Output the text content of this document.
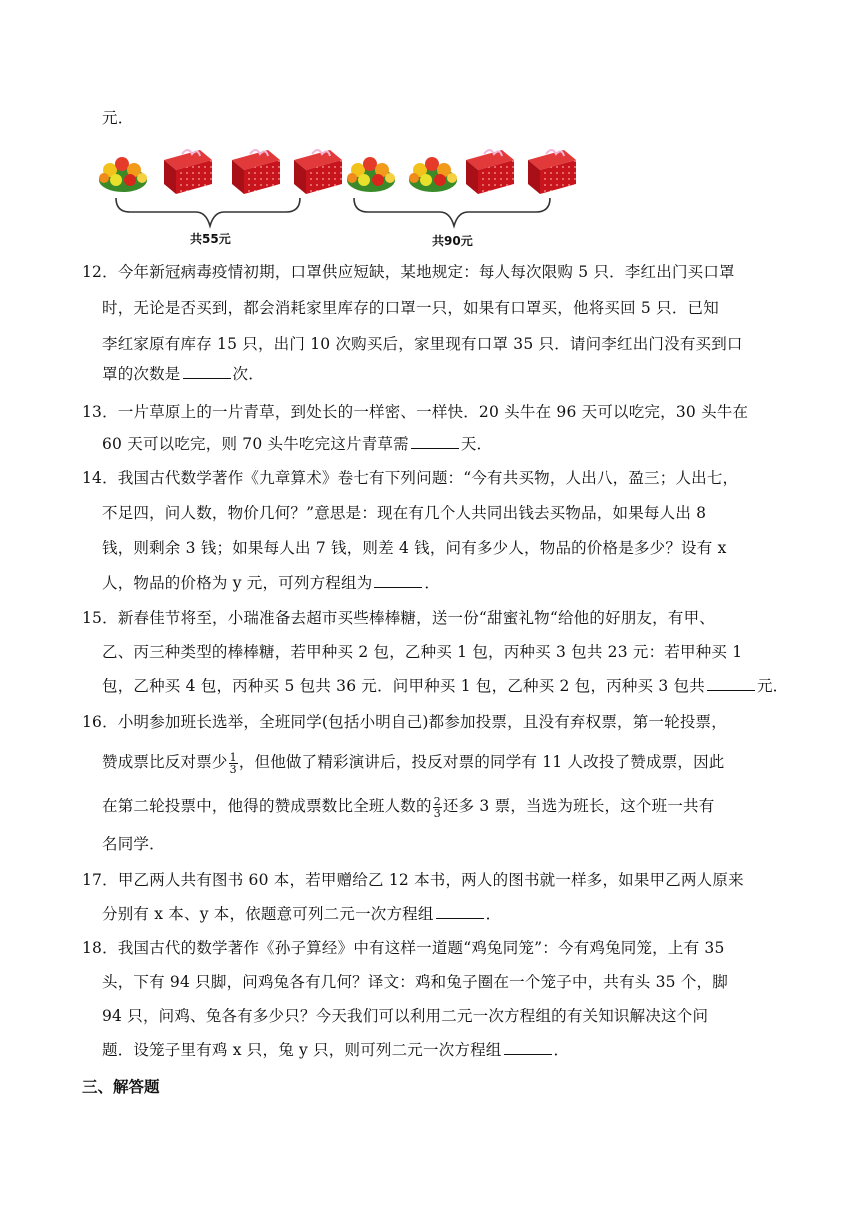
元．
共55元	共90元
12．今年新冠病毒疫情初期，口罩供应短缺，某地规定：每人每次限购 5 只．李红出门买口罩
时，无论是否买到，都会消耗家里库存的口罩一只，如果有口罩买，他将买回 5 只．已知
李红家原有库存 15 只，出门 10 次购买后，家里现有口罩 35 只．请问李红出门没有买到口
罩的次数是	次．
13．一片草原上的一片青草，到处长的一样密、一样快．20 头牛在 96 天可以吃完，30 头牛在
60 天可以吃完，则 70 头牛吃完这片青草需	天．
14．我国古代数学著作《九章算术》卷七有下列问题：“今有共买物，人出八，盈三；人出七，
不足四，问人数，物价几何？”意思是：现在有几个人共同出钱去买物品，如果每人出 8
钱，则剩余 3 钱；如果每人出 7 钱，则差 4 钱，问有多少人，物品的价格是多少？设有 x
人，物品的价格为 y 元，可列方程组为	．
15．新春佳节将至，小瑞准备去超市买些棒棒糖，送一份“甜蜜礼物“给他的好朋友，有甲、
乙、丙三种类型的棒棒糖，若甲种买 2 包，乙种买 1 包，丙种买 3 包共 23 元：若甲种买 1
包，乙种买 4 包，丙种买 5 包共 36 元．问甲种买 1 包，乙种买 2 包，丙种买 3 包共	元．
16．小明参加班长选举，全班同学(包括小明自己)都参加投票，且没有弃权票，第一轮投票，
赞成票比反对票少 $\frac{1}{3}$ ，但他做了精彩演讲后，投反对票的同学有 11 人改投了赞成票，因此
在第二轮投票中，他得的赞成票数比全班人数的 $\frac{2}{3}$ 还多 3 票，当选为班长，这个班一共有
名同学．
17．甲乙两人共有图书 60 本，若甲赠给乙 12 本书，两人的图书就一样多，如果甲乙两人原来
分别有 x 本、y 本，依题意可列二元一次方程组	．
18．我国古代的数学著作《孙子算经》中有这样一道题“鸡兔同笼”：今有鸡兔同笼，上有 35
头，下有 94 只脚，问鸡兔各有几何？译文：鸡和兔子圈在一个笼子中，共有头 35 个，脚
94 只，问鸡、兔各有多少只？今天我们可以利用二元一次方程组的有关知识解决这个问
题．设笼子里有鸡 x 只，兔 y 只，则可列二元一次方程组	．
三、解答题
